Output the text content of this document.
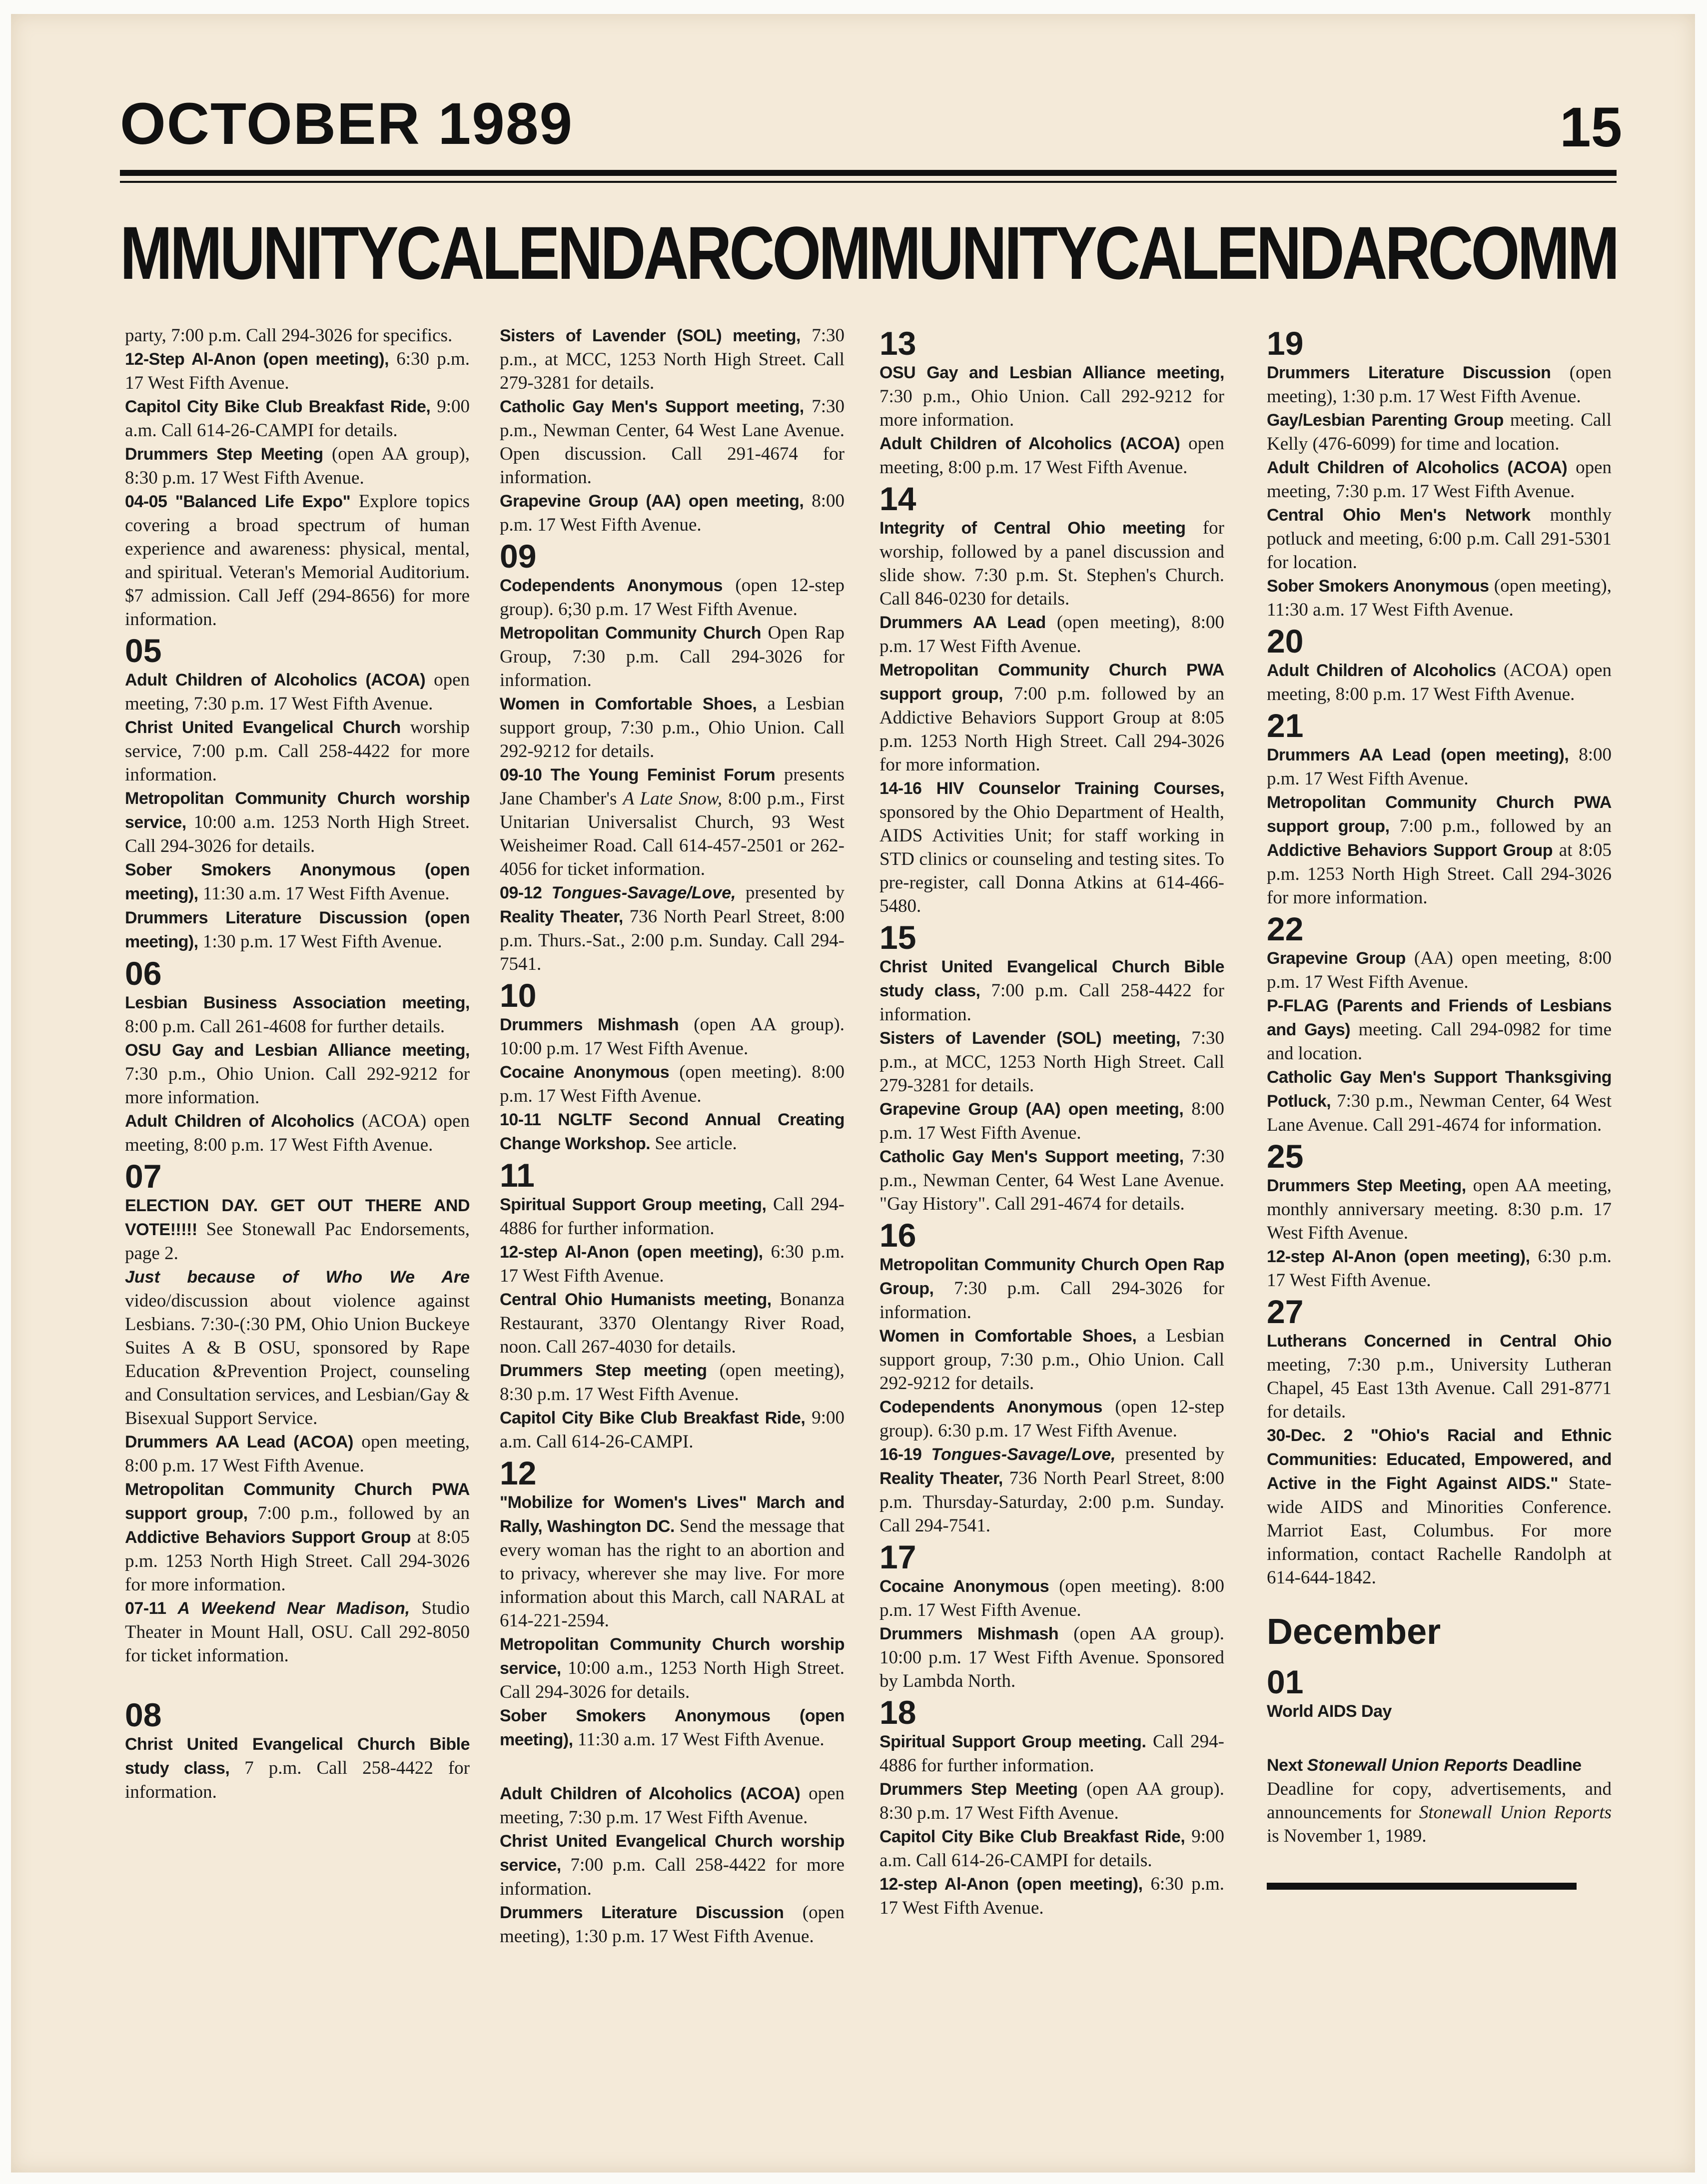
OCTOBER 1989	15
MMUNITYCALENDARCOMMUNITYCALENDARCOMM
party, 7:00 p.m. Call 294-3026 for specifics.
12-Step Al-Anon (open meeting), 6:30 p.m. 17 West Fifth Avenue.
Capitol City Bike Club Breakfast Ride, 9:00 a.m. Call 614-26-CAMPI for details.
Drummers Step Meeting (open AA group), 8:30 p.m. 17 West Fifth Avenue.
04-05 "Balanced Life Expo" Explore topics covering a broad spectrum of human experience and awareness: physical, mental, and spiritual. Veteran's Memorial Auditorium. $7 admission. Call Jeff (294-8656) for more information.
05
Adult Children of Alcoholics (ACOA) open meeting, 7:30 p.m. 17 West Fifth Avenue.
Christ United Evangelical Church worship service, 7:00 p.m. Call 258-4422 for more information.
Metropolitan Community Church worship service, 10:00 a.m. 1253 North High Street. Call 294-3026 for details.
Sober Smokers Anonymous (open meeting), 11:30 a.m. 17 West Fifth Avenue.
Drummers Literature Discussion (open meeting), 1:30 p.m. 17 West Fifth Avenue.
06
Lesbian Business Association meeting, 8:00 p.m. Call 261-4608 for further details.
OSU Gay and Lesbian Alliance meeting, 7:30 p.m., Ohio Union. Call 292-9212 for more information.
Adult Children of Alcoholics (ACOA) open meeting, 8:00 p.m. 17 West Fifth Avenue.
07
ELECTION DAY. GET OUT THERE AND VOTE!!!!! See Stonewall Pac Endorsements, page 2.
Just because of Who We Are video/discussion about violence against Lesbians. 7:30-(:30 PM, Ohio Union Buckeye Suites A & B OSU, sponsored by Rape Education &Prevention Project, counseling and Consultation services, and Lesbian/Gay & Bisexual Support Service.
Drummers AA Lead (ACOA) open meeting, 8:00 p.m. 17 West Fifth Avenue.
Metropolitan Community Church PWA support group, 7:00 p.m., followed by an Addictive Behaviors Support Group at 8:05 p.m. 1253 North High Street. Call 294-3026 for more information.
07-11 A Weekend Near Madison, Studio Theater in Mount Hall, OSU. Call 292-8050 for ticket information.
08
Christ United Evangelical Church Bible study class, 7 p.m. Call 258-4422 for information.
Sisters of Lavender (SOL) meeting, 7:30 p.m., at MCC, 1253 North High Street. Call 279-3281 for details.
Catholic Gay Men's Support meeting, 7:30 p.m., Newman Center, 64 West Lane Avenue. Open discussion. Call 291-4674 for information.
Grapevine Group (AA) open meeting, 8:00 p.m. 17 West Fifth Avenue.
09
Codependents Anonymous (open 12-step group). 6;30 p.m. 17 West Fifth Avenue.
Metropolitan Community Church Open Rap Group, 7:30 p.m. Call 294-3026 for information.
Women in Comfortable Shoes, a Lesbian support group, 7:30 p.m., Ohio Union. Call 292-9212 for details.
09-10 The Young Feminist Forum presents Jane Chamber's A Late Snow, 8:00 p.m., First Unitarian Universalist Church, 93 West Weisheimer Road. Call 614-457-2501 or 262-4056 for ticket information.
09-12 Tongues-Savage/Love, presented by Reality Theater, 736 North Pearl Street, 8:00 p.m. Thurs.-Sat., 2:00 p.m. Sunday. Call 294-7541.
10
Drummers Mishmash (open AA group). 10:00 p.m. 17 West Fifth Avenue.
Cocaine Anonymous (open meeting). 8:00 p.m. 17 West Fifth Avenue.
10-11 NGLTF Second Annual Creating Change Workshop. See article.
11
Spiritual Support Group meeting, Call 294-4886 for further information.
12-step Al-Anon (open meeting), 6:30 p.m. 17 West Fifth Avenue.
Central Ohio Humanists meeting, Bonanza Restaurant, 3370 Olentangy River Road, noon. Call 267-4030 for details.
Drummers Step meeting (open meeting), 8:30 p.m. 17 West Fifth Avenue.
Capitol City Bike Club Breakfast Ride, 9:00 a.m. Call 614-26-CAMPI.
12
"Mobilize for Women's Lives" March and Rally, Washington DC. Send the message that every woman has the right to an abortion and to privacy, wherever she may live. For more information about this March, call NARAL at 614-221-2594.
Metropolitan Community Church worship service, 10:00 a.m., 1253 North High Street. Call 294-3026 for details.
Sober Smokers Anonymous (open meeting), 11:30 a.m. 17 West Fifth Avenue.
Adult Children of Alcoholics (ACOA) open meeting, 7:30 p.m. 17 West Fifth Avenue.
Christ United Evangelical Church worship service, 7:00 p.m. Call 258-4422 for more information.
Drummers Literature Discussion (open meeting), 1:30 p.m. 17 West Fifth Avenue.
13
OSU Gay and Lesbian Alliance meeting, 7:30 p.m., Ohio Union. Call 292-9212 for more information.
Adult Children of Alcoholics (ACOA) open meeting, 8:00 p.m. 17 West Fifth Avenue.
14
Integrity of Central Ohio meeting for worship, followed by a panel discussion and slide show. 7:30 p.m. St. Stephen's Church. Call 846-0230 for details.
Drummers AA Lead (open meeting), 8:00 p.m. 17 West Fifth Avenue.
Metropolitan Community Church PWA support group, 7:00 p.m. followed by an Addictive Behaviors Support Group at 8:05 p.m. 1253 North High Street. Call 294-3026 for more information.
14-16 HIV Counselor Training Courses, sponsored by the Ohio Department of Health, AIDS Activities Unit; for staff working in STD clinics or counseling and testing sites. To pre-register, call Donna Atkins at 614-466-5480.
15
Christ United Evangelical Church Bible study class, 7:00 p.m. Call 258-4422 for information.
Sisters of Lavender (SOL) meeting, 7:30 p.m., at MCC, 1253 North High Street. Call 279-3281 for details.
Grapevine Group (AA) open meeting, 8:00 p.m. 17 West Fifth Avenue.
Catholic Gay Men's Support meeting, 7:30 p.m., Newman Center, 64 West Lane Avenue. "Gay History". Call 291-4674 for details.
16
Metropolitan Community Church Open Rap Group, 7:30 p.m. Call 294-3026 for information.
Women in Comfortable Shoes, a Lesbian support group, 7:30 p.m., Ohio Union. Call 292-9212 for details.
Codependents Anonymous (open 12-step group). 6:30 p.m. 17 West Fifth Avenue.
16-19 Tongues-Savage/Love, presented by Reality Theater, 736 North Pearl Street, 8:00 p.m. Thursday-Saturday, 2:00 p.m. Sunday. Call 294-7541.
17
Cocaine Anonymous (open meeting). 8:00 p.m. 17 West Fifth Avenue.
Drummers Mishmash (open AA group). 10:00 p.m. 17 West Fifth Avenue. Sponsored by Lambda North.
18
Spiritual Support Group meeting. Call 294-4886 for further information.
Drummers Step Meeting (open AA group). 8:30 p.m. 17 West Fifth Avenue.
Capitol City Bike Club Breakfast Ride, 9:00 a.m. Call 614-26-CAMPI for details.
12-step Al-Anon (open meeting), 6:30 p.m. 17 West Fifth Avenue.
19
Drummers Literature Discussion (open meeting), 1:30 p.m. 17 West Fifth Avenue.
Gay/Lesbian Parenting Group meeting. Call Kelly (476-6099) for time and location.
Adult Children of Alcoholics (ACOA) open meeting, 7:30 p.m. 17 West Fifth Avenue.
Central Ohio Men's Network monthly potluck and meeting, 6:00 p.m. Call 291-5301 for location.
Sober Smokers Anonymous (open meeting), 11:30 a.m. 17 West Fifth Avenue.
20
Adult Children of Alcoholics (ACOA) open meeting, 8:00 p.m. 17 West Fifth Avenue.
21
Drummers AA Lead (open meeting), 8:00 p.m. 17 West Fifth Avenue.
Metropolitan Community Church PWA support group, 7:00 p.m., followed by an Addictive Behaviors Support Group at 8:05 p.m. 1253 North High Street. Call 294-3026 for more information.
22
Grapevine Group (AA) open meeting, 8:00 p.m. 17 West Fifth Avenue.
P-FLAG (Parents and Friends of Lesbians and Gays) meeting. Call 294-0982 for time and location.
Catholic Gay Men's Support Thanksgiving Potluck, 7:30 p.m., Newman Center, 64 West Lane Avenue. Call 291-4674 for information.
25
Drummers Step Meeting, open AA meeting, monthly anniversary meeting. 8:30 p.m. 17 West Fifth Avenue.
12-step Al-Anon (open meeting), 6:30 p.m. 17 West Fifth Avenue.
27
Lutherans Concerned in Central Ohio meeting, 7:30 p.m., University Lutheran Chapel, 45 East 13th Avenue. Call 291-8771 for details.
30-Dec. 2 "Ohio's Racial and Ethnic Communities: Educated, Empowered, and Active in the Fight Against AIDS." State-wide AIDS and Minorities Conference. Marriot East, Columbus. For more information, contact Rachelle Randolph at 614-644-1842.
December
01
World AIDS Day
Next Stonewall Union Reports Deadline
Deadline for copy, advertisements, and announcements for Stonewall Union Reports is November 1, 1989.
